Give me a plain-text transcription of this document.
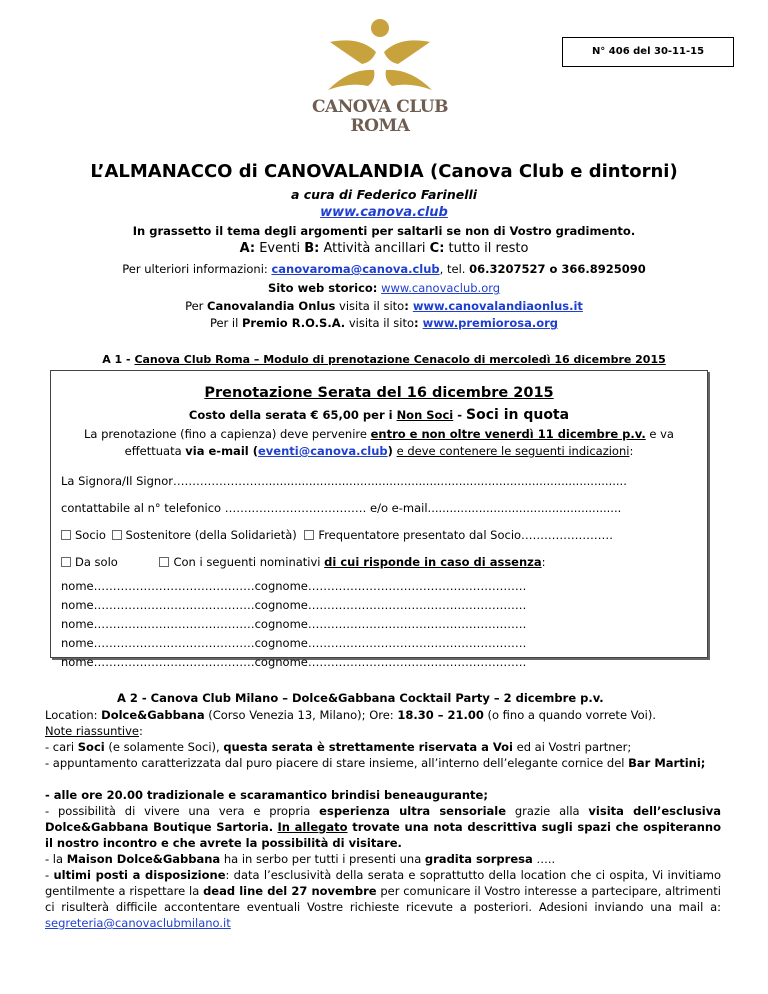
N° 406 del 30-11-15
CANOVA CLUB
ROMA
L’ALMANACCO di CANOVALANDIA (Canova Club e dintorni)
a cura di Federico Farinelli
www.canova.club
In grassetto il tema degli argomenti per saltarli se non di Vostro gradimento.
A: Eventi B: Attività ancillari C: tutto il resto
Per ulteriori informazioni: canovaroma@canova.club, tel. 06.3207527 o 366.8925090
Sito web storico: www.canovaclub.org
Per Canovalandia Onlus visita il sito: www.canovalandiaonlus.it
Per il Premio R.O.S.A. visita il sito: www.premiorosa.org
A 1 - Canova Club Roma – Modulo di prenotazione Cenacolo di mercoledì 16 dicembre 2015
Prenotazione Serata del 16 dicembre 2015
Costo della serata € 65,00 per i Non Soci - Soci in quota
La prenotazione (fino a capienza) deve pervenire entro e non oltre venerdì 11 dicembre p.v. e va
effettuata via e-mail (eventi@canova.club) e deve contenere le seguenti indicazioni:
La Signora/Il Signor……………………...................................................................................................
contattabile al n° telefonico …….………………………… e/o e-mail.....................................................
Socio Sostenitore (della Solidarietà) Frequentatore presentato dal Socio……………………
Da solo	Con i seguenti nominativi di cui risponde in caso di assenza:
nome……………………………………cognome…………………………………………………
nome……………………………………cognome…………………………………………………
nome……………………………………cognome…………………………………………………
nome……………………………………cognome…………………………………………………
nome……………………………………cognome…………………………………………………
A 2 - Canova Club Milano – Dolce&Gabbana Cocktail Party – 2 dicembre p.v.
Location: Dolce&Gabbana (Corso Venezia 13, Milano); Ore: 18.30 – 21.00 (o fino a quando vorrete Voi).
Note riassuntive:
- cari Soci (e solamente Soci), questa serata è strettamente riservata a Voi ed ai Vostri partner;
- appuntamento caratterizzata dal puro piacere di stare insieme, all’interno dell’elegante cornice del Bar Martini;
- alle ore 20.00 tradizionale e scaramantico brindisi beneaugurante;
- possibilità di vivere una vera e propria esperienza ultra sensoriale grazie alla visita dell’esclusiva Dolce&Gabbana Boutique Sartoria. In allegato trovate una nota descrittiva sugli spazi che ospiteranno il nostro incontro e che avrete la possibilità di visitare.
- la Maison Dolce&Gabbana ha in serbo per tutti i presenti una gradita sorpresa …..
- ultimi posti a disposizione: data l’esclusività della serata e soprattutto della location che ci ospita, Vi invitiamo gentilmente a rispettare la dead line del 27 novembre per comunicare il Vostro interesse a partecipare, altrimenti ci risulterà difficile accontentare eventuali Vostre richieste ricevute a posteriori. Adesioni inviando una mail a: segreteria@canovaclubmilano.it
